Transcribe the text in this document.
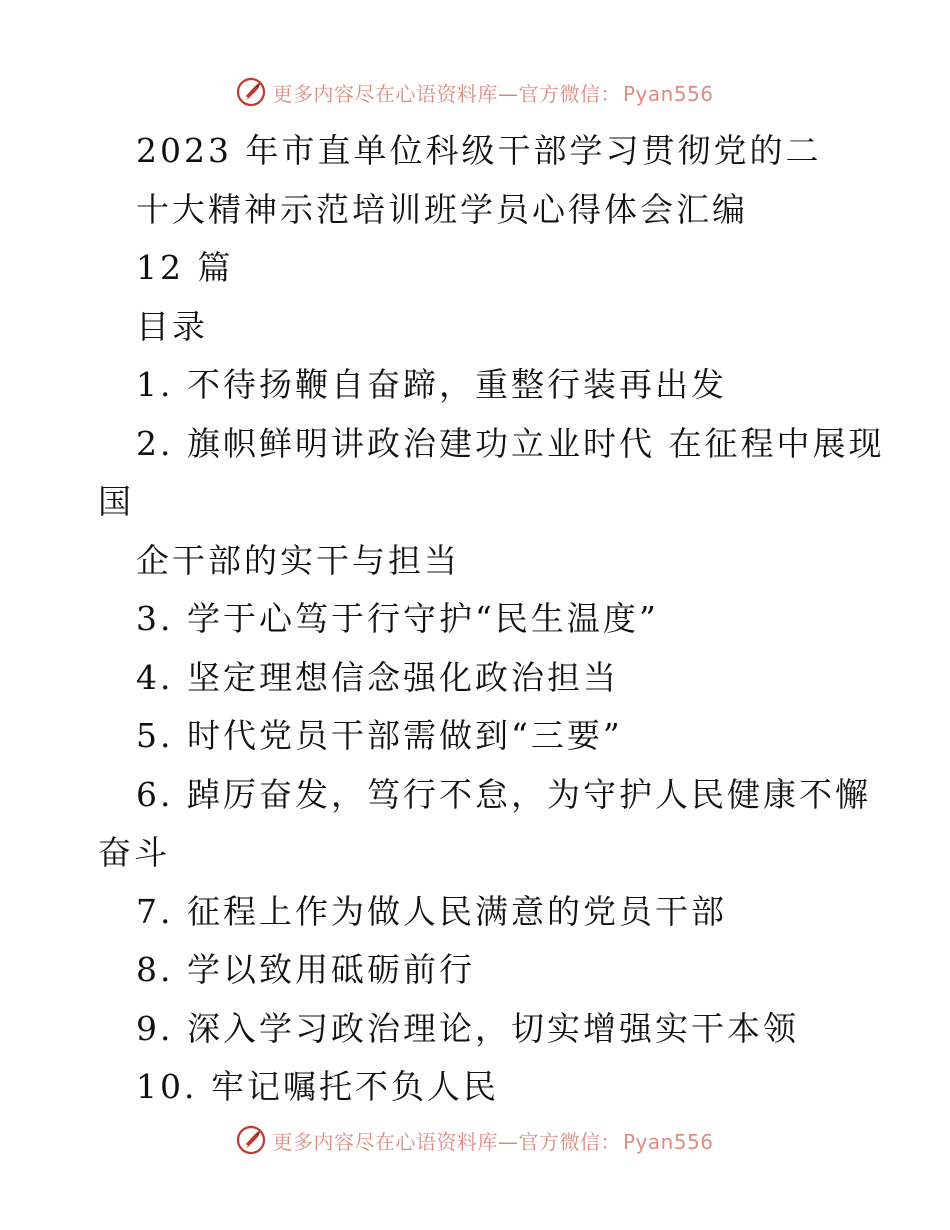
更多内容尽在心语资料库—官方微信： Pyan556
2023 年市直单位科级干部学习贯彻党的二
十大精神示范培训班学员心得体会汇编
12 篇
目录
1. 不待扬鞭自奋蹄，重整行装再出发
2. 旗帜鲜明讲政治建功立业时代 在征程中展现
国
企干部的实干与担当
3. 学于心笃于行守护“民生温度”
4. 坚定理想信念强化政治担当
5. 时代党员干部需做到“三要”
6. 踔厉奋发，笃行不怠，为守护人民健康不懈
奋斗
7. 征程上作为做人民满意的党员干部
8. 学以致用砥砺前行
9. 深入学习政治理论，切实增强实干本领
10. 牢记嘱托不负人民
更多内容尽在心语资料库—官方微信： Pyan556
